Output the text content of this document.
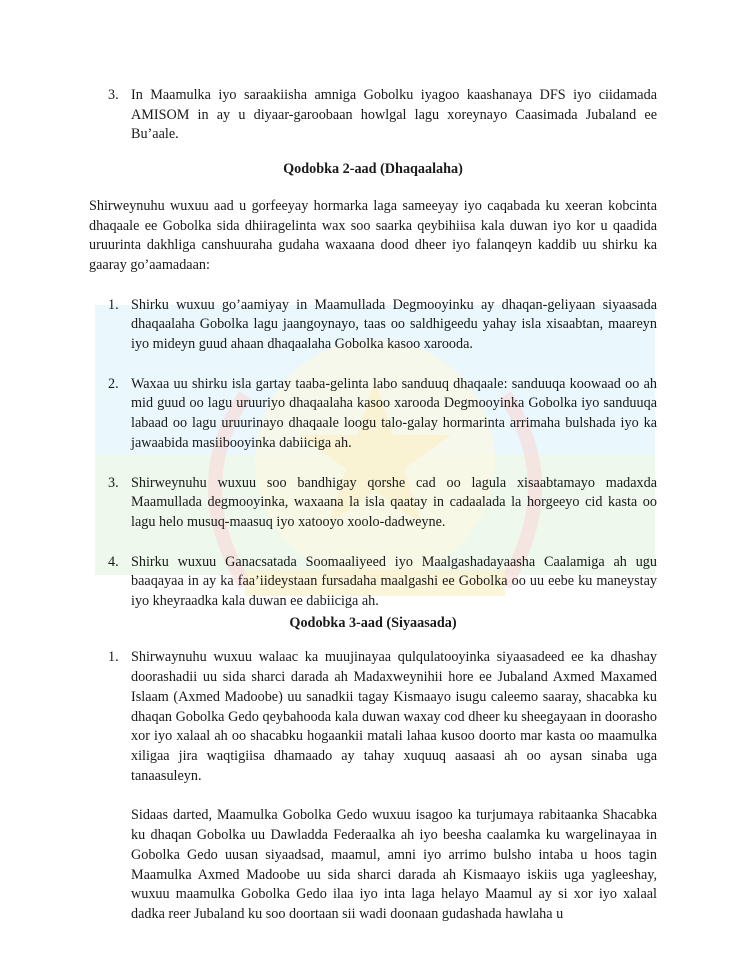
3. In Maamulka iyo saraakiisha amniga Gobolku iyagoo kaashanaya DFS iyo ciidamada AMISOM in ay u diyaar-garoobaan howlgal lagu xoreynayo Caasimada Jubaland ee Bu’aale.
Qodobka 2-aad (Dhaqaalaha)
Shirweynuhu wuxuu aad u gorfeeyay hormarka laga sameeyay iyo caqabada ku xeeran kobcinta dhaqaale ee Gobolka sida dhiiragelinta wax soo saarka qeybihiisa kala duwan iyo kor u qaadida uruurinta dakhliga canshuuraha gudaha waxaana dood dheer iyo falanqeyn kaddib uu shirku ka gaaray go’aamadaan:
1. Shirku wuxuu go’aamiyay in Maamullada Degmooyinku ay dhaqan-geliyaan siyaasada dhaqaalaha Gobolka lagu jaangoynayo, taas oo saldhigeedu yahay isla xisaabtan, maareyn iyo mideyn guud ahaan dhaqaalaha Gobolka kasoo xarooda.
2. Waxaa uu shirku isla gartay taaba-gelinta labo sanduuq dhaqaale: sanduuqa koowaad oo ah mid guud oo lagu uruuriyo dhaqaalaha kasoo xarooda Degmooyinka Gobolka iyo sanduuqa labaad oo lagu uruurinayo dhaqaale loogu talo-galay hormarinta arrimaha bulshada iyo ka jawaabida masiibooyinka dabiiciga ah.
3. Shirweynuhu wuxuu soo bandhigay qorshe cad oo lagula xisaabtamayo madaxda Maamullada degmooyinka, waxaana la isla qaatay in cadaalada la horgeeyo cid kasta oo lagu helo musuq-maasuq iyo xatooyo xoolo-dadweyne.
4. Shirku wuxuu Ganacsatada Soomaaliyeed iyo Maalgashadayaasha Caalamiga ah ugu baaqayaa in ay ka faa’iideystaan fursadaha maalgashi ee Gobolka oo uu eebe ku maneystay iyo kheyraadka kala duwan ee dabiiciga ah.
Qodobka 3-aad (Siyaasada)
1. Shirwaynuhu wuxuu walaac ka muujinayaa qulqulatooyinka siyaasadeed ee ka dhashay doorashadii uu sida sharci darada ah Madaxweynihii hore ee Jubaland Axmed Maxamed Islaam (Axmed Madoobe) uu sanadkii tagay Kismaayo isugu caleemo saaray, shacabka ku dhaqan Gobolka Gedo qeybahooda kala duwan waxay cod dheer ku sheegayaan in doorasho xor iyo xalaal ah oo shacabku hogaankii matali lahaa kusoo doorto mar kasta oo maamulka xiligaa jira waqtigiisa dhamaado ay tahay xuquuq aasaasi ah oo aysan sinaba uga tanaasuleyn.
Sidaas darted, Maamulka Gobolka Gedo wuxuu isagoo ka turjumaya rabitaanka Shacabka ku dhaqan Gobolka uu Dawladda Federaalka ah iyo beesha caalamka ku wargelinayaa in Gobolka Gedo uusan siyaadsad, maamul, amni iyo arrimo bulsho intaba u hoos tagin Maamulka Axmed Madoobe uu sida sharci darada ah Kismaayo iskiis uga yagleeshay, wuxuu maamulka Gobolka Gedo ilaa iyo inta laga helayo Maamul ay si xor iyo xalaal dadka reer Jubaland ku soo doortaan sii wadi doonaan gudashada hawlaha u
